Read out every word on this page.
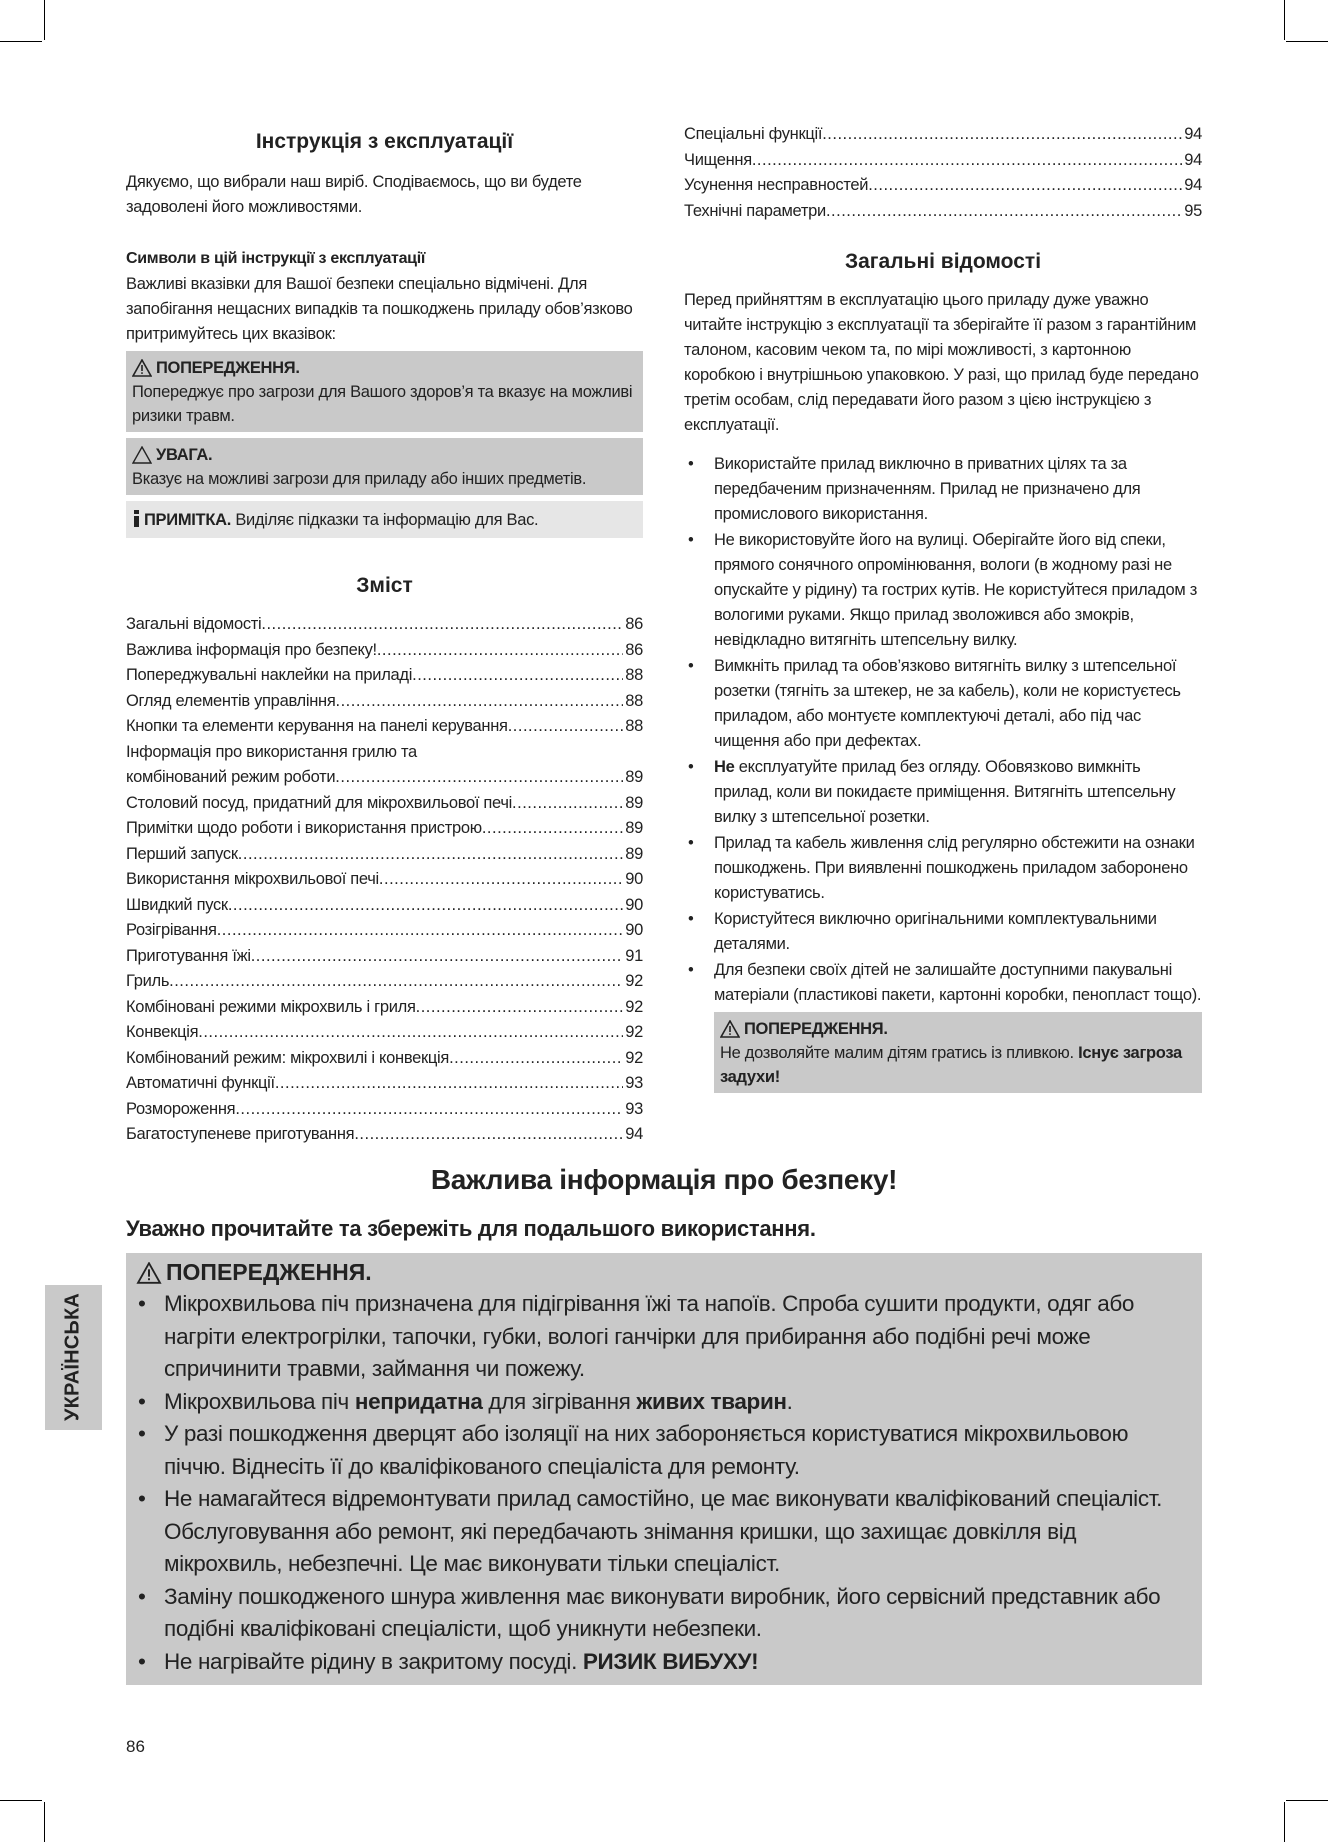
Інструкція з експлуатації

Дякуємо, що вибрали наш виріб. Сподіваємось, що ви будете задоволені його можливостями.

Символи в цій інструкції з експлуатації

Важливі вказівки для Вашої безпеки спеціально відмічені. Для запобігання нещасних випадків та пошкоджень приладу обов’язково притримуйтесь цих вказівок:

ПОПЕРЕДЖЕННЯ.
Попереджує про загрози для Вашого здоров’я та вказує на можливі ризики травм.
УВАГА.
Вказує на можливі загрози для приладу або інших предметів.
ПРИМІТКА. Виділяє підказки та інформацію для Вас.
Зміст
Загальні відомості .....	86
Важлива інформація про безпеку! .....	86
Попереджувальні наклейки на приладі .....	88
Огляд елементів управління .....	88
Кнопки та елементи керування на панелі керування .....	88
Інформація про використання грилю та
комбінований режим роботи .....	89
Столовий посуд, придатний для мікрохвильової печі .....	89
Примітки щодо роботи і використання пристрою .....	89
Перший запуск .....	89
Використання мікрохвильової печі .....	90
Швидкий пуск .....	90
Розігрівання .....	90
Приготування їжі .....	91
Гриль .....	92
Комбіновані режими мікрохвиль і гриля .....	92
Конвекція .....	92
Комбінований режим: мікрохвилі і конвекція .....	92
Автоматичні функції .....	93
Розмороження .....	93
Багатоступеневе приготування .....	94
Спеціальні функції .....	94
Чищення .....	94
Усунення несправностей .....	94
Технічні параметри .....	95
Загальні відомості

Перед прийняттям в експлуатацію цього приладу дуже уважно читайте інструкцію з експлуатації та зберігайте її разом з гарантійним талоном, касовим чеком та, по мірі можливості, з картонною коробкою і внутрішньою упаковкою. У разі, що прилад буде передано третім особам, слід передавати його разом з цією інструкцією з експлуатації.

• Використайте прилад виключно в приватних цілях та за передбаченим призначенням. Прилад не призначено для промислового використання.
• Не використовуйте його на вулиці. Оберігайте його від спеки, прямого сонячного опромінювання, вологи (в жодному разі не опускайте у рідину) та гострих кутів. Не користуйтеся приладом з вологими руками. Якщо прилад зволожився або змокрів, невідкладно витягніть штепсельну вилку.
• Вимкніть прилад та обов’язково витягніть вилку з штепсельної розетки (тягніть за штекер, не за кабель), коли не користуєтесь приладом, або монтуєте комплектуючі деталі, або під час чищення або при дефектах.
• Не експлуатуйте прилад без огляду. Обовязково вимкніть прилад, коли ви покидаєте приміщення. Витягніть штепсельну вилку з штепсельної розетки.
• Прилад та кабель живлення слід регулярно обстежити на ознаки пошкоджень. При виявленні пошкоджень приладом заборонено користуватись.
• Користуйтеся виключно оригінальними комплектувальними деталями.
• Для безпеки своїх дітей не залишайте доступними пакувальні матеріали (пластикові пакети, картонні коробки, пенопласт тощо).
ПОПЕРЕДЖЕННЯ.
Не дозволяйте малим дітям гратись із пливкою. Існує загроза задухи!
Важлива інформація про безпеку!
Уважно прочитайте та збережіть для подальшого використання.
ПОПЕРЕДЖЕННЯ.
• Мікрохвильова піч призначена для підігрівання їжі та напоїв. Спроба сушити продукти, одяг або нагріти електрогрілки, тапочки, губки, вологі ганчірки для прибирання або подібні речі може спричинити травми, займання чи пожежу.
• Мікрохвильова піч непридатна для зігрівання живих тварин.
• У разі пошкодження дверцят або ізоляції на них забороняється користуватися мікрохвильовою піччю. Віднесіть її до кваліфікованого спеціаліста для ремонту.
• Не намагайтеся відремонтувати прилад самостійно, це має виконувати кваліфікований спеціаліст. Обслуговування або ремонт, які передбачають знімання кришки, що захищає довкілля від мікрохвиль, небезпечні. Це має виконувати тільки спеціаліст.
• Заміну пошкодженого шнура живлення має виконувати виробник, його сервісний представник або подібні кваліфіковані спеціалісти, щоб уникнути небезпеки.
• Не нагрівайте рідину в закритому посуді. РИЗИК ВИБУХУ!
УКРАЇНСЬКА
86
